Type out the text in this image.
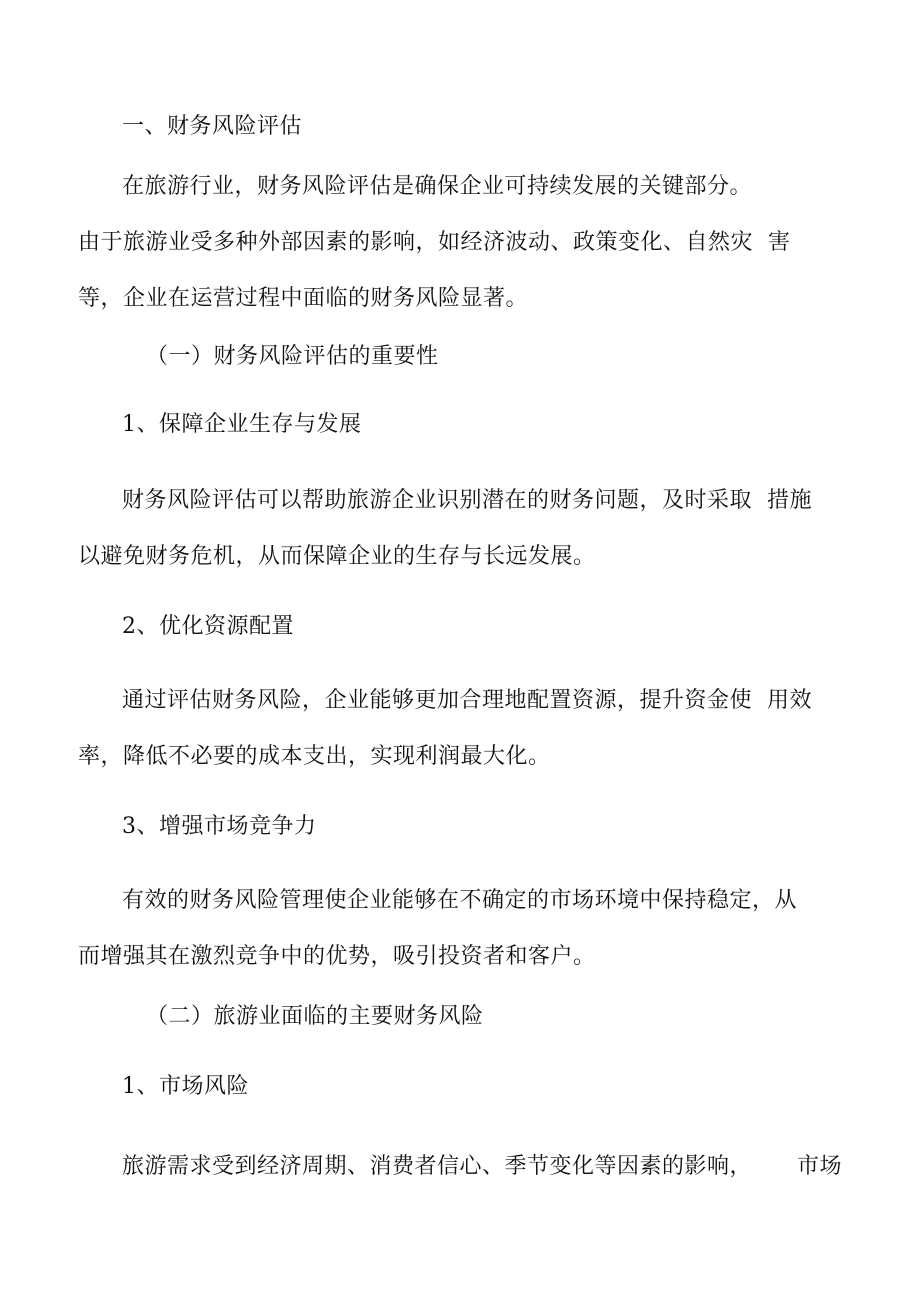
一、财务风险评估
在旅游行业，财务风险评估是确保企业可持续发展的关键部分。
由于旅游业受多种外部因素的影响，如经济波动、政策变化、自然灾  害
等，企业在运营过程中面临的财务风险显著。
（一）财务风险评估的重要性
1、保障企业生存与发展
财务风险评估可以帮助旅游企业识别潜在的财务问题，及时采取  措施
以避免财务危机，从而保障企业的生存与长远发展。
2、优化资源配置
通过评估财务风险，企业能够更加合理地配置资源，提升资金使  用效
率，降低不必要的成本支出，实现利润最大化。
3、增强市场竞争力
有效的财务风险管理使企业能够在不确定的市场环境中保持稳定，从
而增强其在激烈竞争中的优势，吸引投资者和客户。
（二）旅游业面临的主要财务风险
1、市场风险
旅游需求受到经济周期、消费者信心、季节变化等因素的影响，      市场
